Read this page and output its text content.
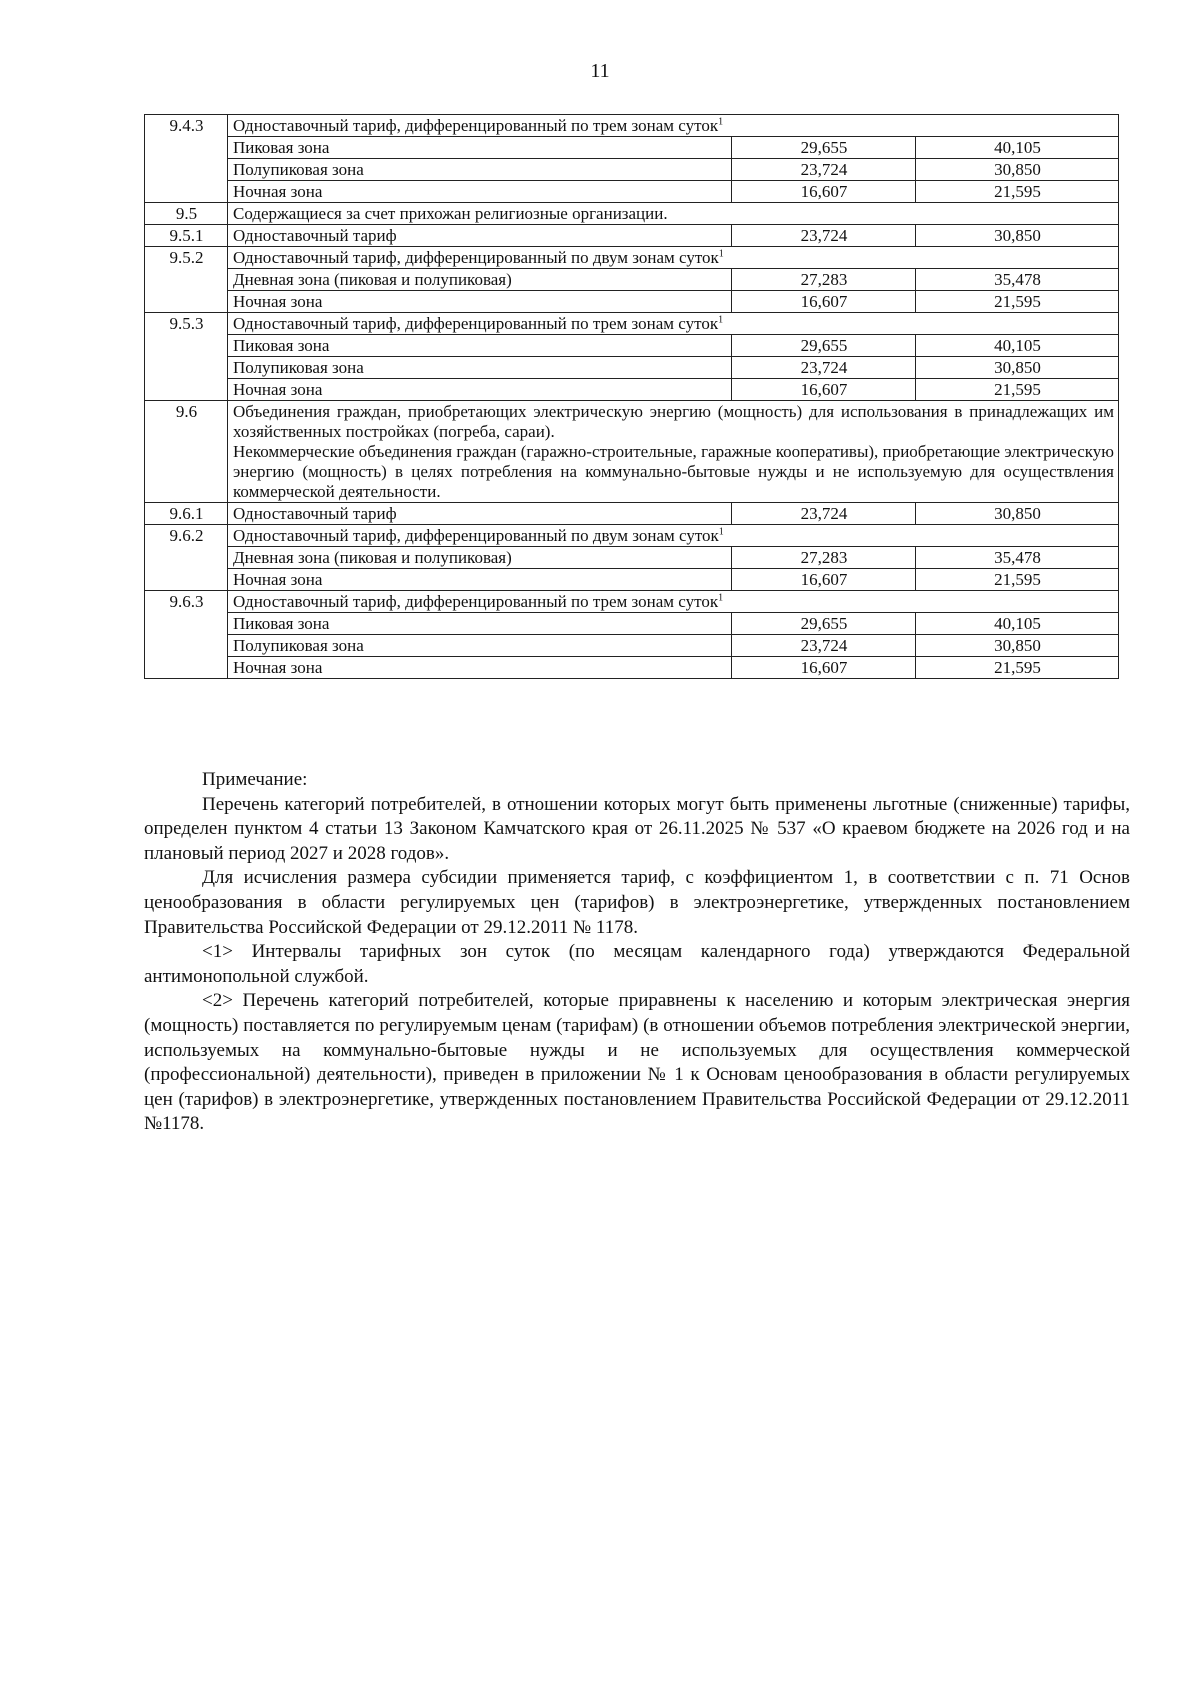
11
9.4.3	Одноставочный тариф, дифференцированный по трем зонам суток$^1$
	Пиковая зона	29,655	40,105
	Полупиковая зона	23,724	30,850
	Ночная зона	16,607	21,595
9.5	Содержащиеся за счет прихожан религиозные организации.		
9.5.1	Одноставочный тариф	23,724	30,850
9.5.2	Одноставочный тариф, дифференцированный по двум зонам суток$^1$
	Дневная зона (пиковая и полупиковая)	27,283	35,478
	Ночная зона	16,607	21,595
9.5.3	Одноставочный тариф, дифференцированный по трем зонам суток$^1$
	Пиковая зона	29,655	40,105
	Полупиковая зона	23,724	30,850
	Ночная зона	16,607	21,595
9.6	Объединения граждан, приобретающих электрическую энергию (мощность) для использования в принадлежащих им хозяйственных постройках (погреба, сараи).

Некоммерческие объединения граждан (гаражно-строительные, гаражные кооперативы), приобретающие электрическую энергию (мощность) в целях потребления на коммунально-бытовые нужды и не используемую для осуществления коммерческой деятельности.		

9.6.1	Одноставочный тариф	23,724	30,850
9.6.2	Одноставочный тариф, дифференцированный по двум зонам суток$^1$
	Дневная зона (пиковая и полупиковая)	27,283	35,478
	Ночная зона	16,607	21,595
9.6.3	Одноставочный тариф, дифференцированный по трем зонам суток$^1$
	Пиковая зона	29,655	40,105
	Полупиковая зона	23,724	30,850
	Ночная зона	16,607	21,595

Примечание:

Перечень категорий потребителей, в отношении которых могут быть применены льготные (сниженные) тарифы, определен пунктом 4 статьи 13 Законом Камчатского края от 26.11.2025 № 537 «О краевом бюджете на 2026 год и на плановый период 2027 и 2028 годов».

Для исчисления размера субсидии применяется тариф, с коэффициентом 1, в соответствии с п. 71 Основ ценообразования в области регулируемых цен (тарифов) в электроэнергетике, утвержденных постановлением Правительства Российской Федерации от 29.12.2011 № 1178.

<1> Интервалы тарифных зон суток (по месяцам календарного года) утверждаются Федеральной антимонопольной службой.

<2> Перечень категорий потребителей, которые приравнены к населению и которым электрическая энергия (мощность) поставляется по регулируемым ценам (тарифам) (в отношении объемов потребления электрической энергии, используемых на коммунально-бытовые нужды и не используемых для осуществления коммерческой (профессиональной) деятельности), приведен в приложении № 1 к Основам ценообразования в области регулируемых цен (тарифов) в электроэнергетике, утвержденных постановлением Правительства Российской Федерации от 29.12.2011 №1178.
